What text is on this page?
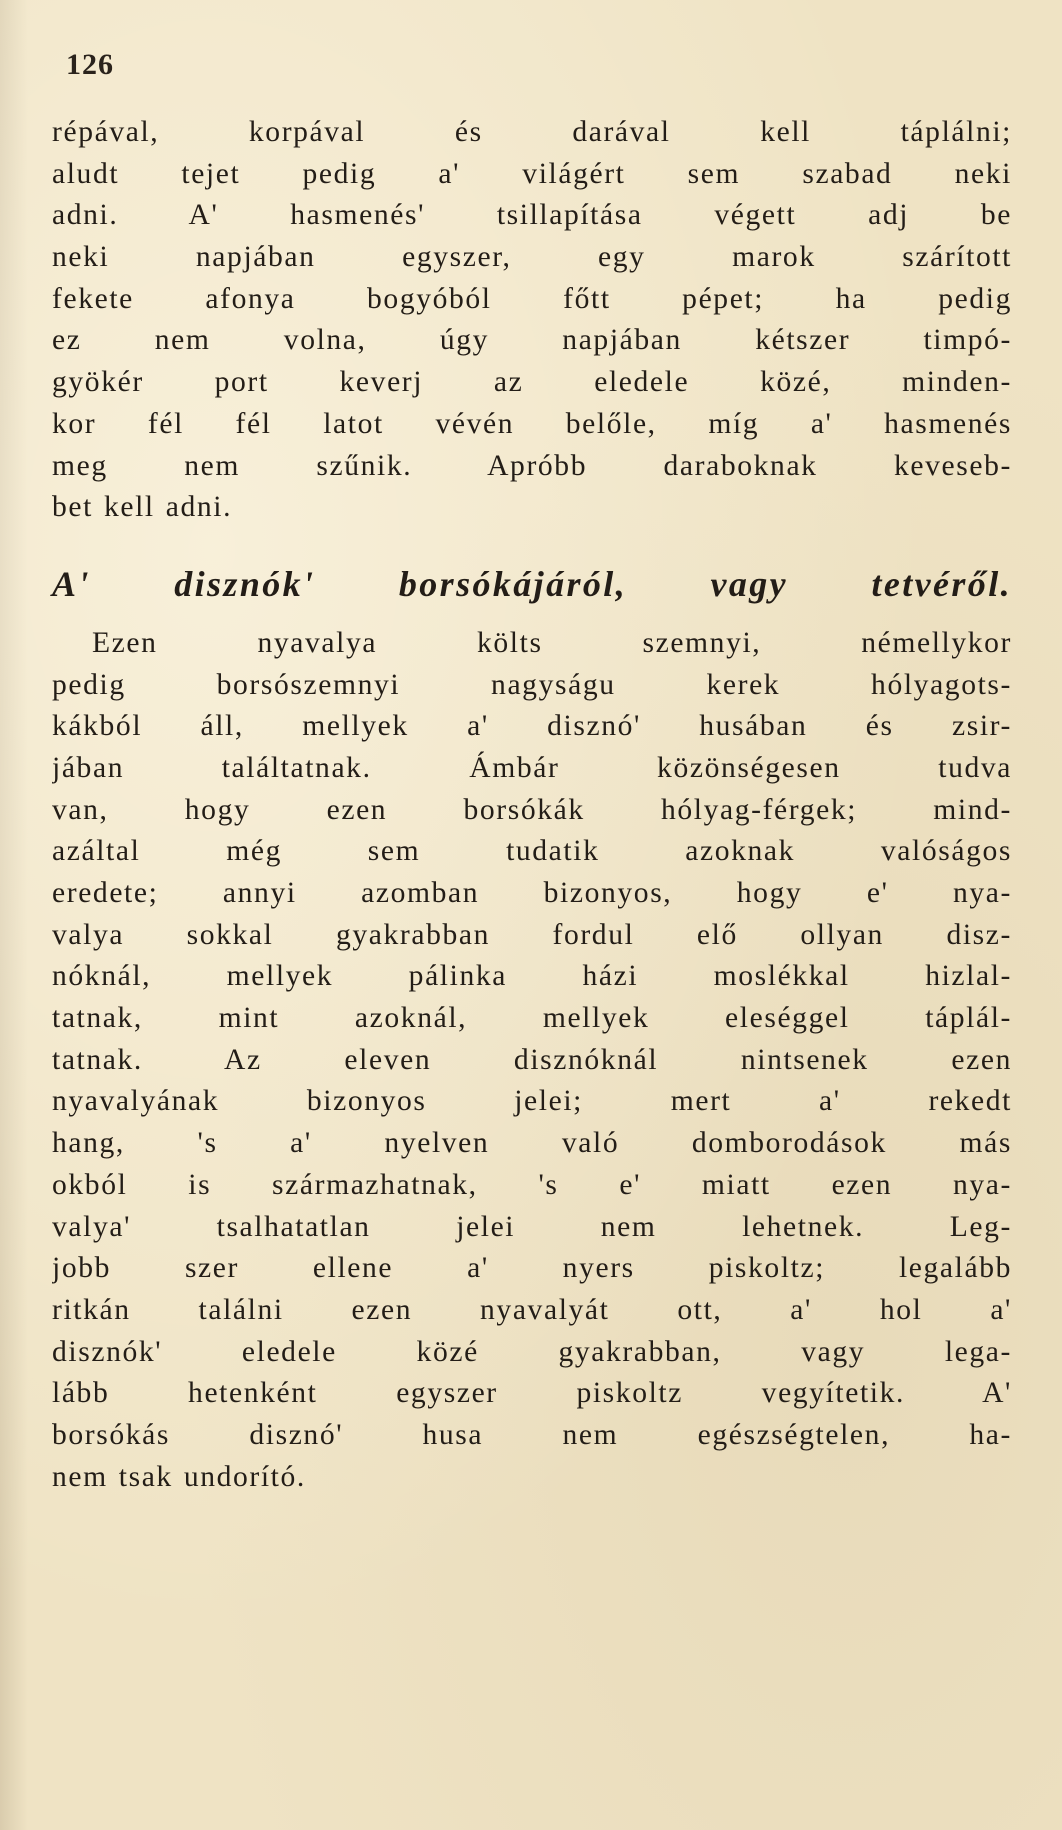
126
répával, korpával és darával kell táplálni;
aludt tejet pedig a' világért sem szabad neki
adni. A' hasmenés' tsillapítása végett adj be
neki napjában egyszer, egy marok szárított
fekete afonya bogyóból főtt pépet; ha pedig
ez nem volna, úgy napjában kétszer timpó-
gyökér port keverj az eledele közé, minden-
kor fél fél latot vévén belőle, míg a' hasmenés
meg nem szűnik. Apróbb daraboknak keveseb-
bet kell adni.
A' disznók' borsókájáról, vagy tetvéről.
Ezen nyavalya költs szemnyi, némellykor
pedig borsószemnyi nagyságu kerek hólyagots-
kákból áll, mellyek a' disznó' husában és zsir-
jában találtatnak. Ámbár közönségesen tudva
van, hogy ezen borsókák hólyag-férgek; mind-
azáltal még sem tudatik azoknak valóságos
eredete; annyi azomban bizonyos, hogy e' nya-
valya sokkal gyakrabban fordul elő ollyan disz-
nóknál, mellyek pálinka házi moslékkal hizlal-
tatnak, mint azoknál, mellyek eleséggel táplál-
tatnak. Az eleven disznóknál nintsenek ezen
nyavalyának bizonyos jelei; mert a' rekedt
hang, 's a' nyelven való domborodások más
okból is származhatnak, 's e' miatt ezen nya-
valya' tsalhatatlan jelei nem lehetnek. Leg-
jobb szer ellene a' nyers piskoltz; legalább
ritkán találni ezen nyavalyát ott, a' hol a'
disznók' eledele közé gyakrabban, vagy lega-
lább hetenként egyszer piskoltz vegyítetik. A'
borsókás disznó' husa nem egészségtelen, ha-
nem tsak undorító.
